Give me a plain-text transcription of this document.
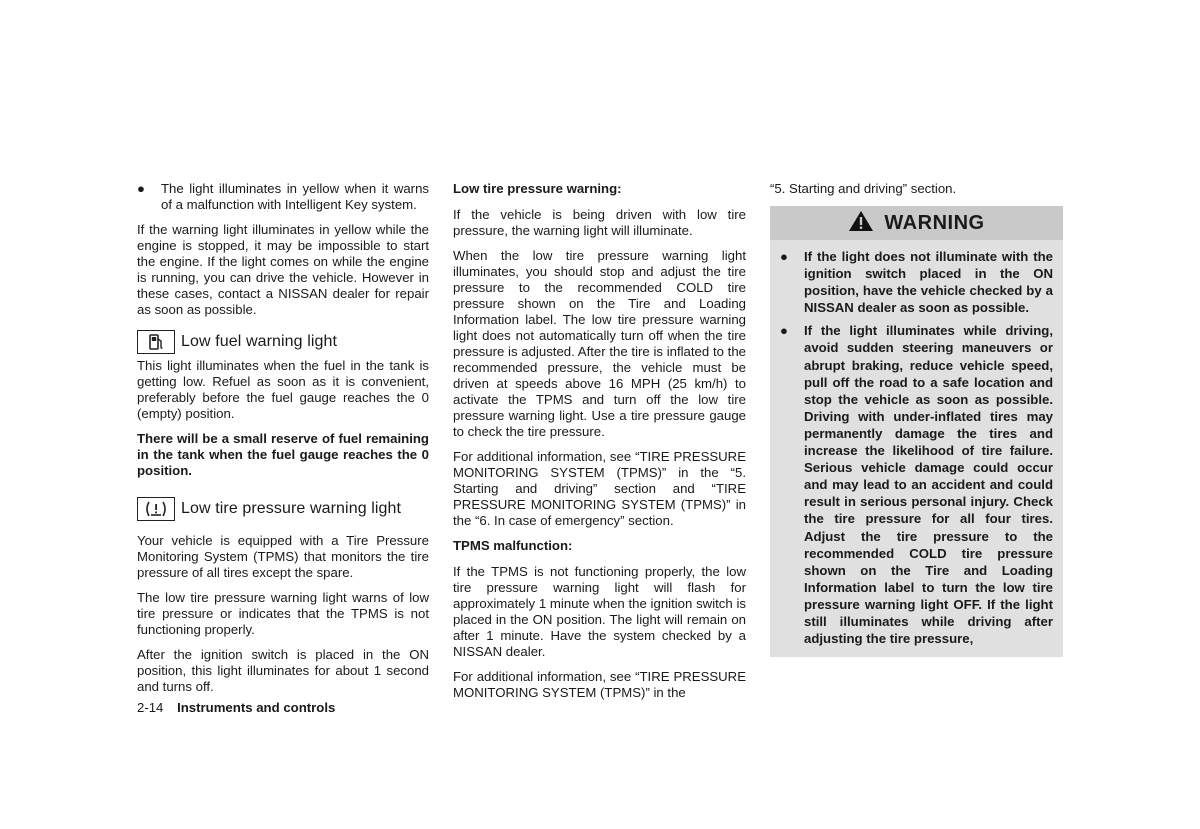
● The light illuminates in yellow when it warns of a malfunction with Intelligent Key system.

If the warning light illuminates in yellow while the engine is stopped, it may be impossible to start the engine. If the light comes on while the engine is running, you can drive the vehicle. However in these cases, contact a NISSAN dealer for repair as soon as possible.

Low fuel warning light

This light illuminates when the fuel in the tank is getting low. Refuel as soon as it is convenient, preferably before the fuel gauge reaches the 0 (empty) position.

There will be a small reserve of fuel remaining in the tank when the fuel gauge reaches the 0 position.

Low tire pressure warning light

Your vehicle is equipped with a Tire Pressure Monitoring System (TPMS) that monitors the tire pressure of all tires except the spare.

The low tire pressure warning light warns of low tire pressure or indicates that the TPMS is not functioning properly.

After the ignition switch is placed in the ON position, this light illuminates for about 1 second and turns off.

Low tire pressure warning:

If the vehicle is being driven with low tire pressure, the warning light will illuminate.

When the low tire pressure warning light illuminates, you should stop and adjust the tire pressure to the recommended COLD tire pressure shown on the Tire and Loading Information label. The low tire pressure warning light does not automatically turn off when the tire pressure is adjusted. After the tire is inflated to the recommended pressure, the vehicle must be driven at speeds above 16 MPH (25 km/h) to activate the TPMS and turn off the low tire pressure warning light. Use a tire pressure gauge to check the tire pressure.

For additional information, see “TIRE PRESSURE MONITORING SYSTEM (TPMS)” in the “5. Starting and driving” section and “TIRE PRESSURE MONITORING SYSTEM (TPMS)” in the “6. In case of emergency” section.

TPMS malfunction:

If the TPMS is not functioning properly, the low tire pressure warning light will flash for approximately 1 minute when the ignition switch is placed in the ON position. The light will remain on after 1 minute. Have the system checked by a NISSAN dealer.

For additional information, see “TIRE PRESSURE MONITORING SYSTEM (TPMS)” in the

“5. Starting and driving” section.

WARNING
● If the light does not illuminate with the ignition switch placed in the ON position, have the vehicle checked by a NISSAN dealer as soon as possible.
● If the light illuminates while driving, avoid sudden steering maneuvers or abrupt braking, reduce vehicle speed, pull off the road to a safe location and stop the vehicle as soon as possible. Driving with under-inflated tires may permanently damage the tires and increase the likelihood of tire failure. Serious vehicle damage could occur and may lead to an accident and could result in serious personal injury. Check the tire pressure for all four tires. Adjust the tire pressure to the recommended COLD tire pressure shown on the Tire and Loading Information label to turn the low tire pressure warning light OFF. If the light still illuminates while driving after adjusting the tire pressure,
2-14 Instruments and controls
